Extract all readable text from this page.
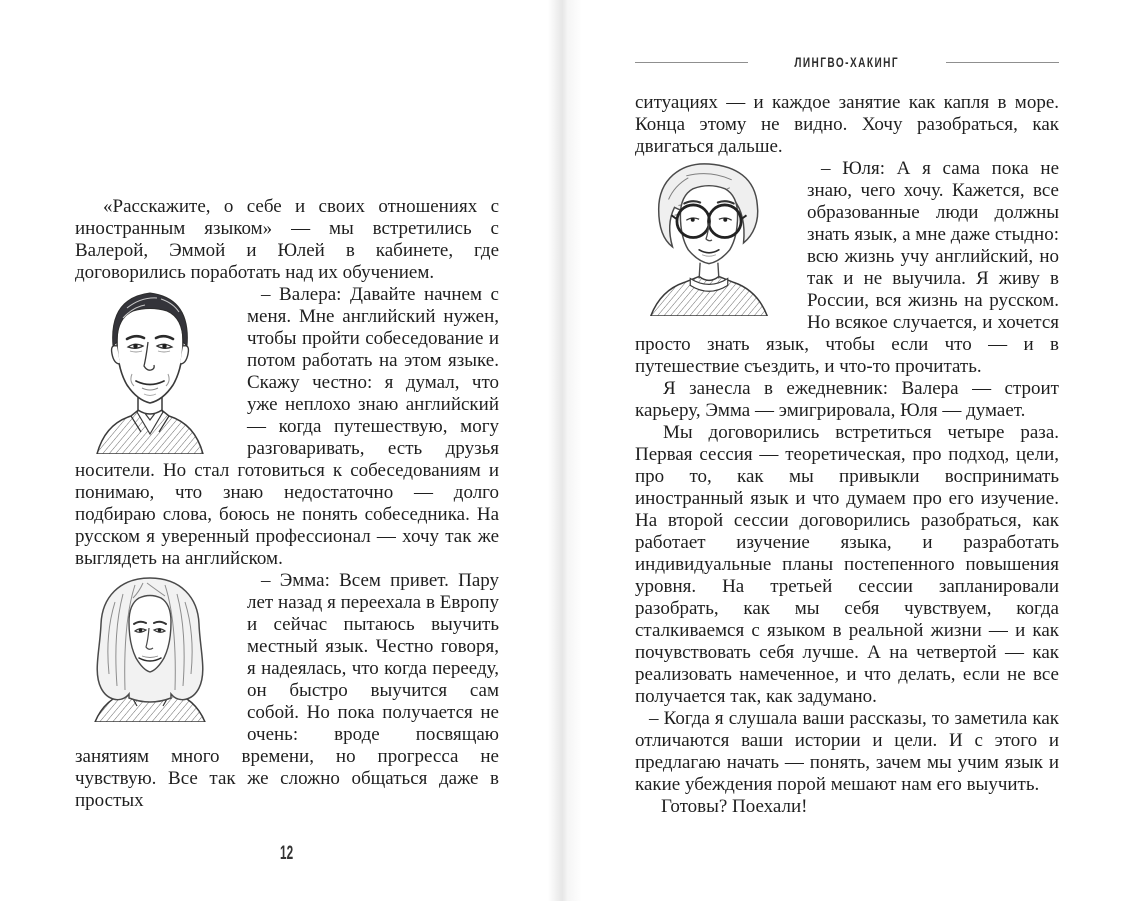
«Расскажите, о себе и своих отношениях с иностранным языком» — мы встретились с Валерой, Эммой и Юлей в кабинете, где договорились поработать над их обучением.

– Валера: Давайте начнем с меня. Мне английский нужен, чтобы пройти собеседование и потом работать на этом языке. Скажу честно: я думал, что уже неплохо знаю английский — когда путешествую, могу разговаривать, есть друзья носители. Но стал готовиться к собеседованиям и понимаю, что знаю недостаточно — долго подбираю слова, боюсь не понять собеседника. На русском я уверенный профессионал — хочу так же выглядеть на английском.

– Эмма: Всем привет. Пару лет назад я переехала в Европу и сейчас пытаюсь выучить местный язык. Честно говоря, я надеялась, что когда перееду, он быстро выучится сам собой. Но пока получается не очень: вроде посвящаю занятиям много времени, но прогресса не чувствую. Все так же сложно общаться даже в простых

12
ЛИНГВО-ХАКИНГ

ситуациях — и каждое занятие как капля в море. Конца этому не видно. Хочу разобраться, как двигаться дальше.

– Юля: А я сама пока не знаю, чего хочу. Кажется, все образованные люди должны знать язык, а мне даже стыдно: всю жизнь учу английский, но так и не выучила. Я живу в России, вся жизнь на русском. Но всякое случается, и хочется просто знать язык, чтобы если что — и в путешествие съездить, и что-то прочитать.

Я занесла в ежедневник: Валера — строит карьеру, Эмма — эмигрировала, Юля — думает.

Мы договорились встретиться четыре раза. Первая сессия — теоретическая, про подход, цели, про то, как мы привыкли воспринимать иностранный язык и что думаем про его изучение. На второй сессии договорились разобраться, как работает изучение языка, и разработать индивидуальные планы постепенного повышения уровня. На третьей сессии запланировали разобрать, как мы себя чувствуем, когда сталкиваемся с языком в реальной жизни — и как почувствовать себя лучше. А на четвертой — как реализовать намеченное, и что делать, если не все получается так, как задумано.

– Когда я слушала ваши рассказы, то заметила как отличаются ваши истории и цели. И с этого и предлагаю начать — понять, зачем мы учим язык и какие убеждения порой мешают нам его выучить.

Готовы? Поехали!
